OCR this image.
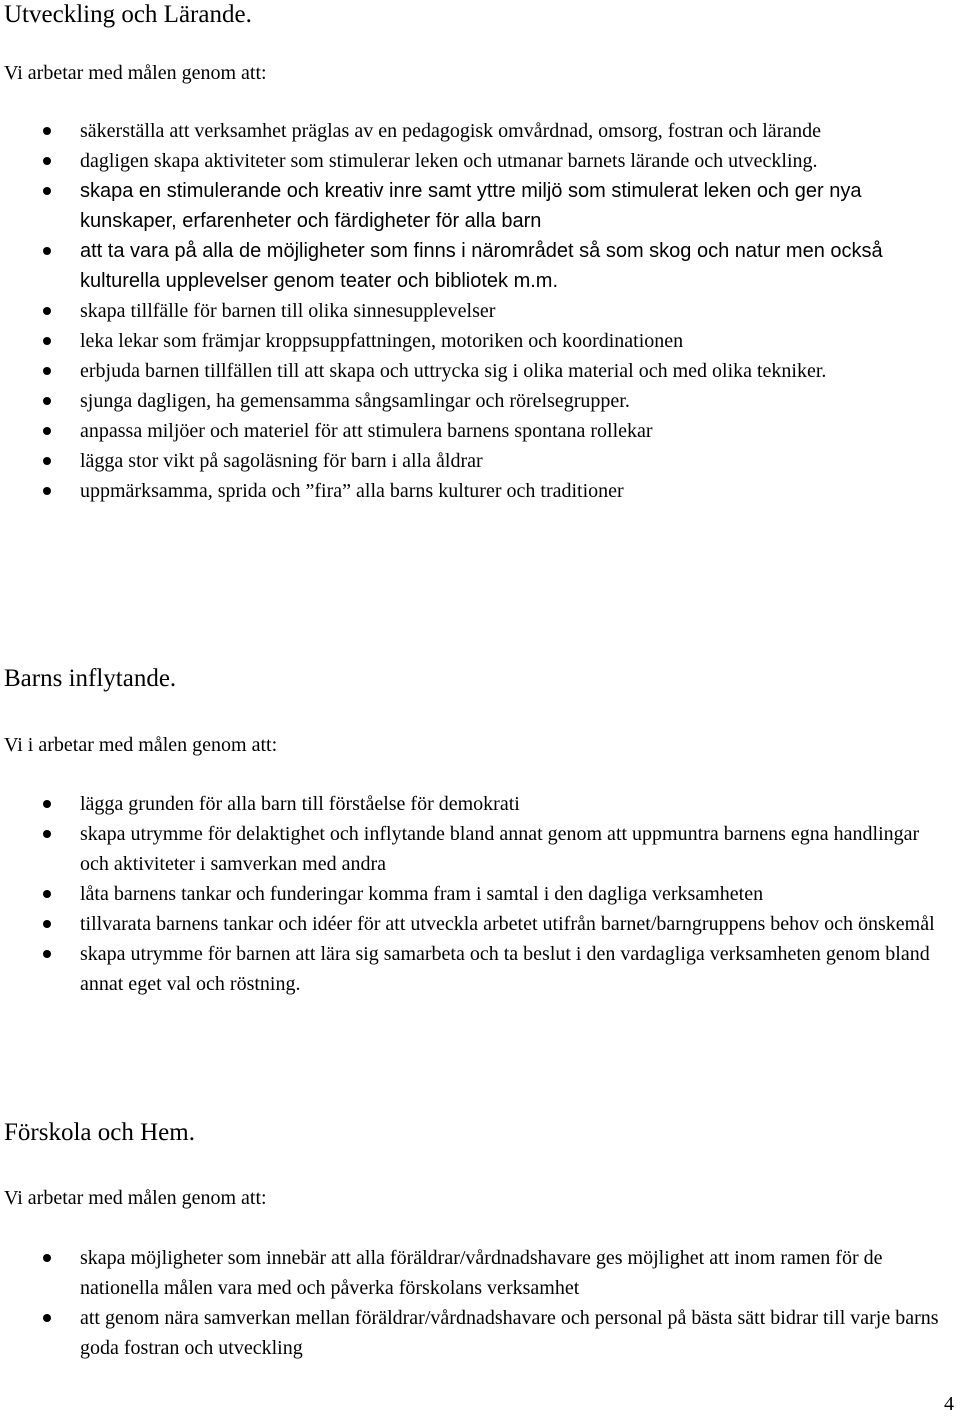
Utveckling och Lärande.

Vi arbetar med målen genom att:

säkerställa att verksamhet präglas av en pedagogisk omvårdnad, omsorg, fostran och lärande
dagligen skapa aktiviteter som stimulerar leken och utmanar barnets lärande och utveckling.
skapa en stimulerande och kreativ inre samt yttre miljö som stimulerat leken och ger nya kunskaper, erfarenheter och färdigheter för alla barn
att ta vara på alla de möjligheter som finns i närområdet så som skog och natur men också kulturella upplevelser genom teater och bibliotek m.m.
skapa tillfälle för barnen till olika sinnesupplevelser
leka lekar som främjar kroppsuppfattningen, motoriken och koordinationen
erbjuda barnen tillfällen till att skapa och uttrycka sig i olika material och med olika tekniker.
sjunga dagligen, ha gemensamma sångsamlingar och rörelsegrupper.
anpassa miljöer och materiel för att stimulera barnens spontana rollekar
lägga stor vikt på sagoläsning för barn i alla åldrar
uppmärksamma, sprida och ”fira” alla barns kulturer och traditioner
Barns inflytande.

Vi i arbetar med målen genom att:

lägga grunden för alla barn till förståelse för demokrati
skapa utrymme för delaktighet och inflytande bland annat genom att uppmuntra barnens egna handlingar och aktiviteter i samverkan med andra
låta barnens tankar och funderingar komma fram i samtal i den dagliga verksamheten
tillvarata barnens tankar och idéer för att utveckla arbetet utifrån barnet/barngruppens behov och önskemål
skapa utrymme för barnen att lära sig samarbeta och ta beslut i den vardagliga verksamheten genom bland annat eget val och röstning.
Förskola och Hem.

Vi arbetar med målen genom att:

skapa möjligheter som innebär att alla föräldrar/vårdnadshavare ges möjlighet att inom ramen för de nationella målen vara med och påverka förskolans verksamhet
att genom nära samverkan mellan föräldrar/vårdnadshavare och personal på bästa sätt bidrar till varje barns goda fostran och utveckling
4
